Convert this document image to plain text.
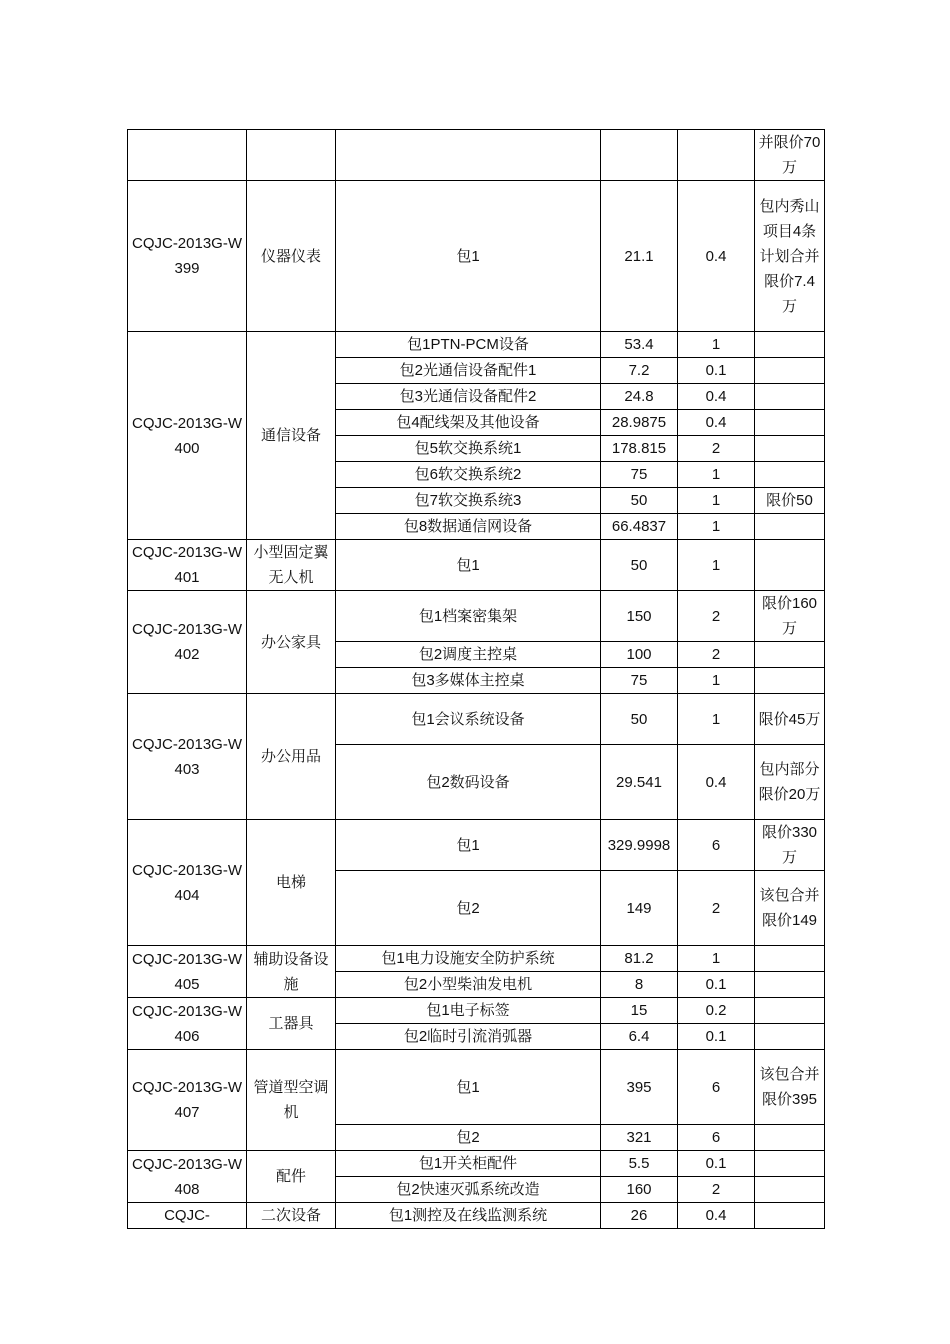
					并限价70万
CQJC-2013G-W399	仪器仪表	包1	21.1	0.4	包内秀山项目4条计划合并限价7.4万
CQJC-2013G-W400	通信设备	包1PTN-PCM设备	53.4	1	
		包2光通信设备配件1	7.2	0.1	
		包3光通信设备配件2	24.8	0.4	
		包4配线架及其他设备	28.9875	0.4	
		包5软交换系统1	178.815	2	
		包6软交换系统2	75	1	
		包7软交换系统3	50	1	限价50
		包8数据通信网设备	66.4837	1	
CQJC-2013G-W401	小型固定翼无人机	包1	50	1	
CQJC-2013G-W402	办公家具	包1档案密集架	150	2	限价160万
		包2调度主控桌	100	2	
		包3多媒体主控桌	75	1	
CQJC-2013G-W403	办公用品	包1会议系统设备	50	1	限价45万
		包2数码设备	29.541	0.4	包内部分限价20万
CQJC-2013G-W404	电梯	包1	329.9998	6	限价330万
		包2	149	2	该包合并限价149
CQJC-2013G-W405	辅助设备设施	包1电力设施安全防护系统	81.2	1	
		包2小型柴油发电机	8	0.1	
CQJC-2013G-W406	工器具	包1电子标签	15	0.2	
		包2临时引流消弧器	6.4	0.1	
CQJC-2013G-W407	管道型空调机	包1	395	6	该包合并限价395
		包2	321	6	
CQJC-2013G-W408	配件	包1开关柜配件	5.5	0.1	
		包2快速灭弧系统改造	160	2	
CQJC-	二次设备	包1测控及在线监测系统	26	0.4	
